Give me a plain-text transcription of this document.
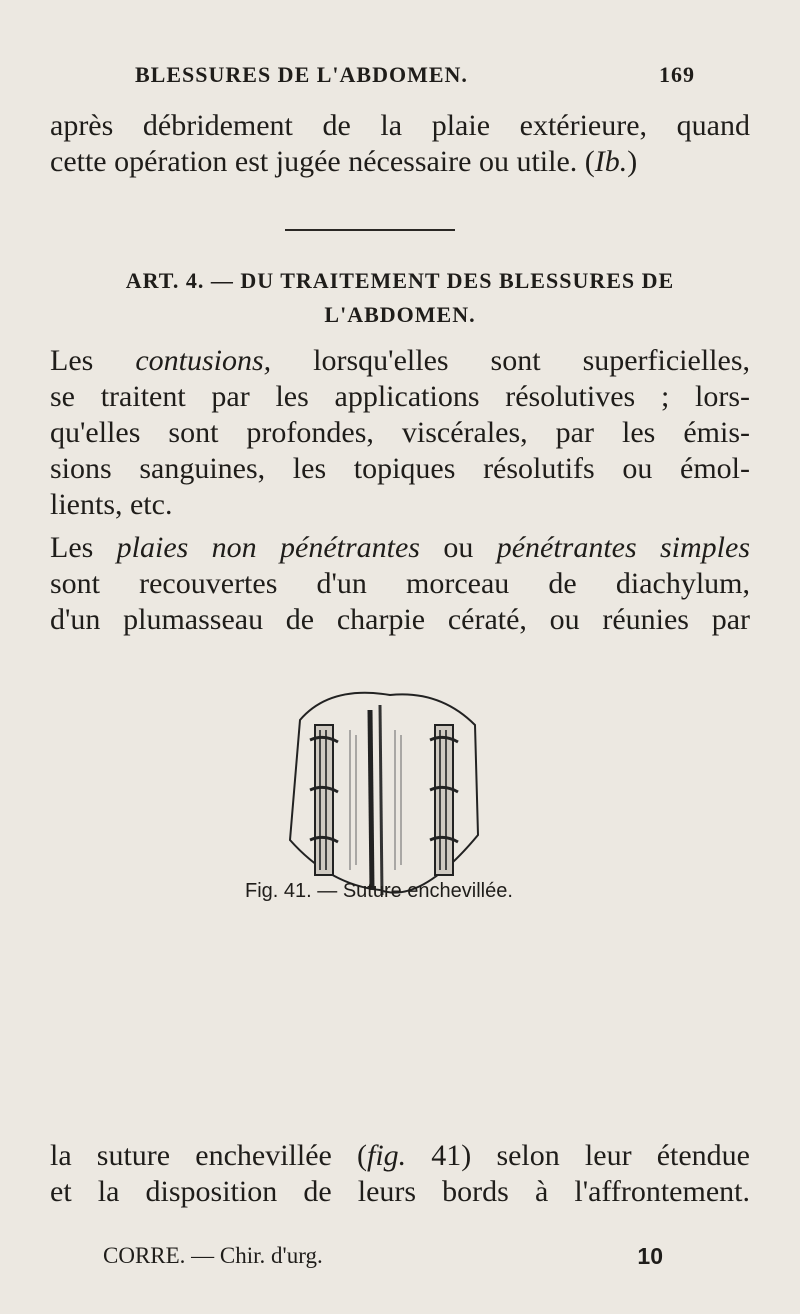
BLESSURES DE L'ABDOMEN.	169
après débridement de la plaie extérieure, quand
cette opération est jugée nécessaire ou utile. (Ib.)
ART. 4. — DU TRAITEMENT DES BLESSURES DE
L'ABDOMEN.
Les contusions, lorsqu'elles sont superficielles,
se traitent par les applications résolutives ; lors-
qu'elles sont profondes, viscérales, par les émis-
sions sanguines, les topiques résolutifs ou émol-
lients, etc.
Les plaies non pénétrantes ou pénétrantes simples
sont recouvertes d'un morceau de diachylum,
d'un plumasseau de charpie cératé, ou réunies par
Fig. 41. — Suture enchevillée.
la suture enchevillée (fig. 41) selon leur étendue
et la disposition de leurs bords à l'affrontement.
CORRE. — Chir. d'urg.	10
